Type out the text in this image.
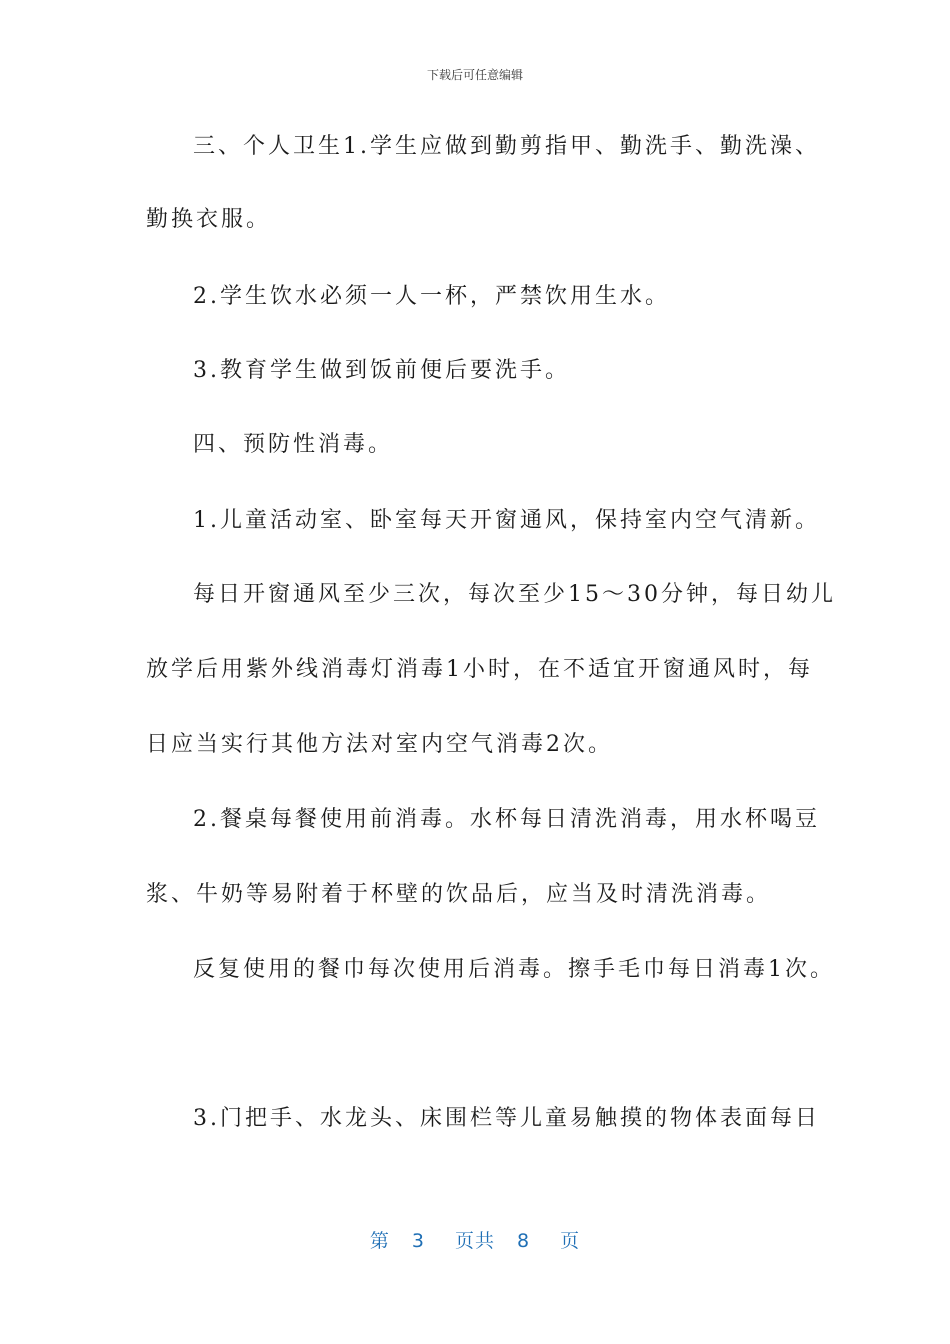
下载后可任意编辑
三、个人卫生1.学生应做到勤剪指甲、勤洗手、勤洗澡、
勤换衣服。
2.学生饮水必须一人一杯，严禁饮用生水。
3.教育学生做到饭前便后要洗手。
四、预防性消毒。
1.儿童活动室、卧室每天开窗通风，保持室内空气清新。
每日开窗通风至少三次，每次至少15〜30分钟，每日幼儿
放学后用紫外线消毒灯消毒1小时，在不适宜开窗通风时，每
日应当实行其他方法对室内空气消毒2次。
2.餐桌每餐使用前消毒。水杯每日清洗消毒，用水杯喝豆
浆、牛奶等易附着于杯壁的饮品后，应当及时清洗消毒。
反复使用的餐巾每次使用后消毒。擦手毛巾每日消毒1次。
3.门把手、水龙头、床围栏等儿童易触摸的物体表面每日
第 3 页共 8 页
